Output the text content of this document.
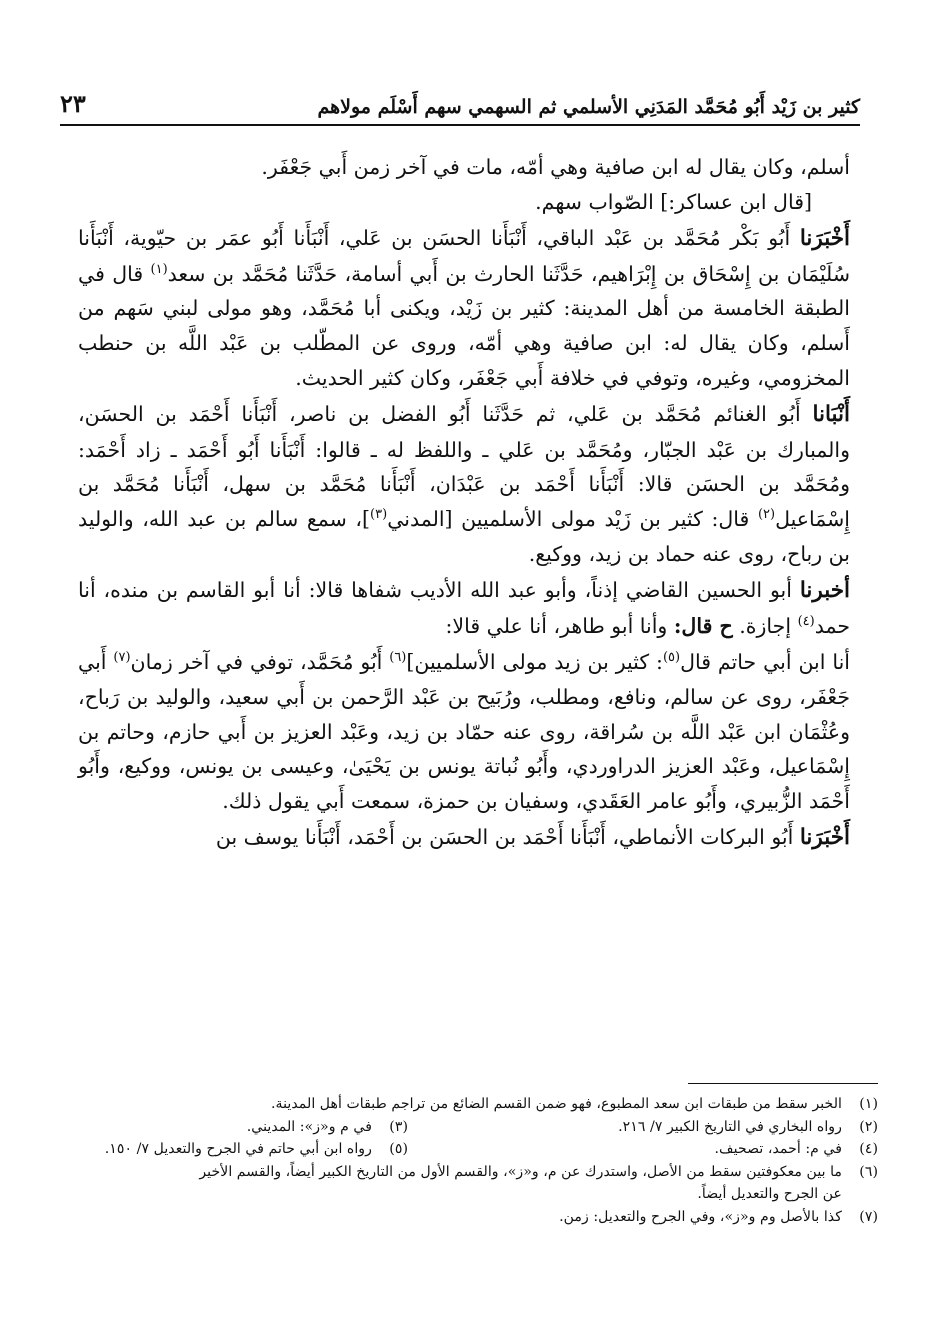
كثير بن زَيْد أَبُو مُحَمَّد المَدَنِي الأسلمي ثم السهمي سهم أَسْلَم مولاهم
٢٣

أسلم، وكان يقال له ابن صافية وهي أمّه، مات في آخر زمن أَبي جَعْفَر.

[قال ابن عساكر:] الصّواب سهم.

أَخْبَرَنا أَبُو بَكْر مُحَمَّد بن عَبْد الباقي، أَنْبَأَنا الحسَن بن عَلي، أَنْبَأَنا أَبُو عمَر بن حيّوية، أَنْبَأَنا سُلَيْمَان بن إِسْحَاق بن إِبْرَاهيم، حَدَّثَنا الحارث بن أَبي أسامة، حَدَّثَنا مُحَمَّد بن سعد$^{(١)}$ قال في الطبقة الخامسة من أهل المدينة: كثير بن زَيْد، ويكنى أبا مُحَمَّد، وهو مولى لبني سَهم من أَسلم، وكان يقال له: ابن صافية وهي أمّه، وروى عن المطّلب بن عَبْد اللَّه بن حنطب المخزومي، وغيره، وتوفي في خلافة أَبي جَعْفَر، وكان كثير الحديث.

أَنْبَانا أَبُو الغنائم مُحَمَّد بن عَلي، ثم حَدَّثَنا أَبُو الفضل بن ناصر، أَنْبَأَنا أَحْمَد بن الحسَن، والمبارك بن عَبْد الجبّار، ومُحَمَّد بن عَلي ـ واللفظ له ـ قالوا: أَنْبَأَنا أَبُو أَحْمَد ـ زاد أَحْمَد: ومُحَمَّد بن الحسَن قالا: أَنْبَأَنا أَحْمَد بن عَبْدَان، أَنْبَأَنا مُحَمَّد بن سهل، أَنْبَأَنا مُحَمَّد بن إِسْمَاعيل$^{(٢)}$ قال: كثير بن زَيْد مولى الأسلميين [المدني$^{(٣)}$]، سمع سالم بن عبد الله، والوليد بن رباح، روى عنه حماد بن زيد، ووكيع.

أخبرنا أبو الحسين القاضي إذناً، وأبو عبد الله الأديب شفاها قالا: أنا أبو القاسم بن منده، أنا حمد$^{(٤)}$ إجازة. ح قال: وأنا أبو طاهر، أنا علي قالا:

أنا ابن أبي حاتم قال$^{(٥)}$: كثير بن زيد مولى الأسلميين]$^{(٦)}$ أَبُو مُحَمَّد، توفي في آخر زمان$^{(٧)}$ أَبي جَعْفَر، روى عن سالم، ونافع، ومطلب، ورُبَيح بن عَبْد الرَّحمن بن أَبي سعيد، والوليد بن رَباح، وعُثْمَان ابن عَبْد اللَّه بن سُراقة، روى عنه حمّاد بن زيد، وعَبْد العزيز بن أَبي حازم، وحاتم بن إِسْمَاعيل، وعَبْد العزيز الدراوردي، وأَبُو نُباتة يونس بن يَحْيَىٰ، وعيسى بن يونس، ووكيع، وأَبُو أَحْمَد الزُّبيري، وأَبُو عامر العَقَدي، وسفيان بن حمزة، سمعت أَبي يقول ذلك.

أَخْبَرَنا أَبُو البركات الأنماطي، أَنْبَأَنا أَحْمَد بن الحسَن بن أَحْمَد، أَنْبَأَنا يوسف بن

(١)
الخبر سقط من طبقات ابن سعد المطبوع، فهو ضمن القسم الضائع من تراجم طبقات أهل المدينة.
(٢)
رواه البخاري في التاريخ الكبير ٧/ ٢١٦.
(٣)
في م و«ز»: المديني.
(٤)
في م: أحمد، تصحيف.
(٥)
رواه ابن أبي حاتم في الجرح والتعديل ٧/ ١٥٠.
(٦)
ما بين معكوفتين سقط من الأصل، واستدرك عن م، و«ز»، والقسم الأول من التاريخ الكبير أيضاً، والقسم الأخير
عن الجرح والتعديل أيضاً.
(٧)
كذا بالأصل وم و«ز»، وفي الجرح والتعديل: زمن.
